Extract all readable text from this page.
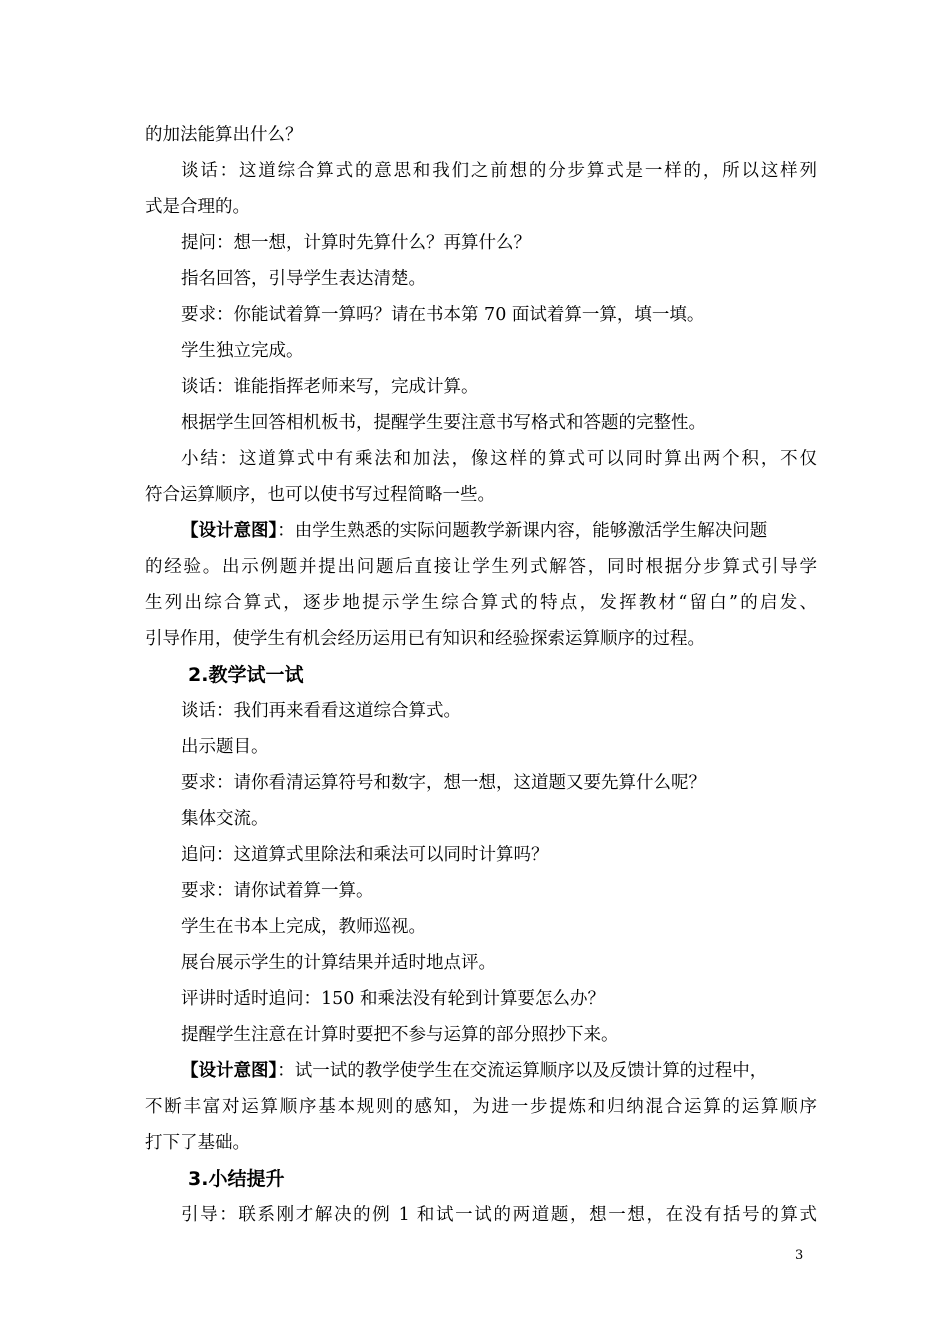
的加法能算出什么？
谈话：这道综合算式的意思和我们之前想的分步算式是一样的，所以这样列
式是合理的。
提问：想一想，计算时先算什么？再算什么？
指名回答，引导学生表达清楚。
要求：你能试着算一算吗？请在书本第 70 面试着算一算，填一填。
学生独立完成。
谈话：谁能指挥老师来写，完成计算。
根据学生回答相机板书，提醒学生要注意书写格式和答题的完整性。
小结：这道算式中有乘法和加法，像这样的算式可以同时算出两个积，不仅
符合运算顺序，也可以使书写过程简略一些。
【设计意图】：由学生熟悉的实际问题教学新课内容，能够激活学生解决问题
的经验。出示例题并提出问题后直接让学生列式解答，同时根据分步算式引导学
生列出综合算式，逐步地提示学生综合算式的特点，发挥教材“留白”的启发、
引导作用，使学生有机会经历运用已有知识和经验探索运算顺序的过程。
2.教学试一试
谈话：我们再来看看这道综合算式。
出示题目。
要求：请你看清运算符号和数字，想一想，这道题又要先算什么呢？
集体交流。
追问：这道算式里除法和乘法可以同时计算吗？
要求：请你试着算一算。
学生在书本上完成，教师巡视。
展台展示学生的计算结果并适时地点评。
评讲时适时追问：150 和乘法没有轮到计算要怎么办？
提醒学生注意在计算时要把不参与运算的部分照抄下来。
【设计意图】：试一试的教学使学生在交流运算顺序以及反馈计算的过程中，
不断丰富对运算顺序基本规则的感知，为进一步提炼和归纳混合运算的运算顺序
打下了基础。
3.小结提升
引导：联系刚才解决的例 1 和试一试的两道题，想一想，在没有括号的算式
3
